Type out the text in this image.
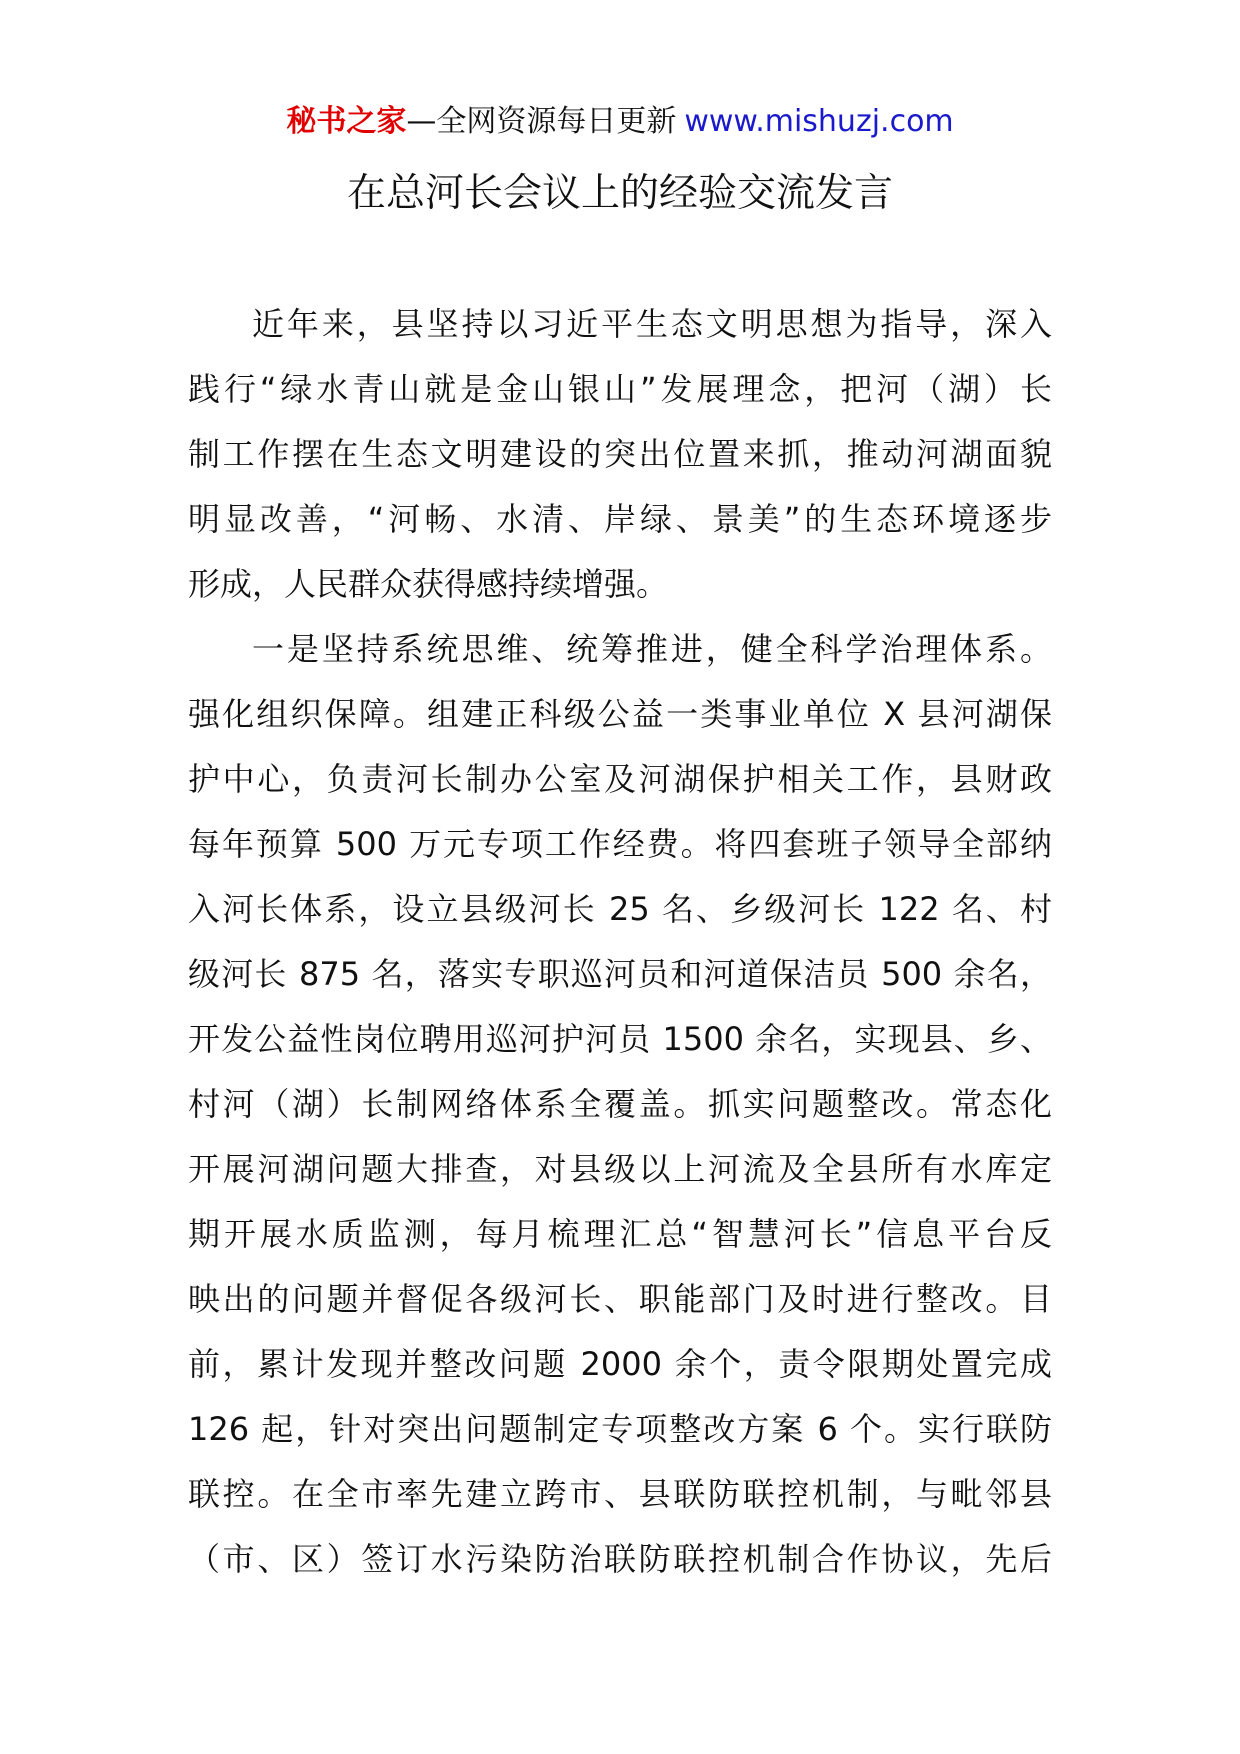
秘书之家—全网资源每日更新 www.mishuzj.com
在总河长会议上的经验交流发言
近年来，县坚持以习近平生态文明思想为指导，深入
践行“绿水青山就是金山银山”发展理念，把河（湖）长
制工作摆在生态文明建设的突出位置来抓，推动河湖面貌
明显改善，“河畅、水清、岸绿、景美”的生态环境逐步
形成，人民群众获得感持续增强。
一是坚持系统思维、统筹推进，健全科学治理体系。
强化组织保障。组建正科级公益一类事业单位 X 县河湖保
护中心，负责河长制办公室及河湖保护相关工作，县财政
每年预算 500 万元专项工作经费。将四套班子领导全部纳
入河长体系，设立县级河长 25 名、乡级河长 122 名、村
级河长 875 名，落实专职巡河员和河道保洁员 500 余名，
开发公益性岗位聘用巡河护河员 1500 余名，实现县、乡、
村河（湖）长制网络体系全覆盖。抓实问题整改。常态化
开展河湖问题大排查，对县级以上河流及全县所有水库定
期开展水质监测，每月梳理汇总“智慧河长”信息平台反
映出的问题并督促各级河长、职能部门及时进行整改。目
前，累计发现并整改问题 2000 余个，责令限期处置完成
126 起，针对突出问题制定专项整改方案 6 个。实行联防
联控。在全市率先建立跨市、县联防联控机制，与毗邻县
（市、区）签订水污染防治联防联控机制合作协议，先后
